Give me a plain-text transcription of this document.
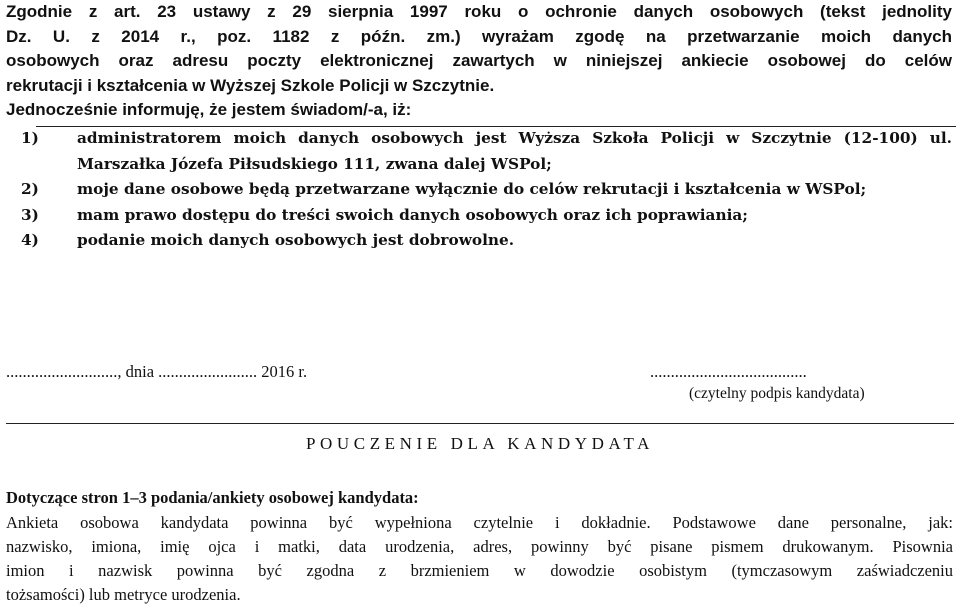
Zgodnie z art. 23 ustawy z 29 sierpnia 1997 roku o ochronie danych osobowych (tekst jednolity

Dz. U. z 2014 r., poz. 1182 z późn. zm.) wyrażam zgodę na przetwarzanie moich danych

osobowych oraz adresu poczty elektronicznej zawartych w niniejszej ankiecie osobowej do celów

rekrutacji i kształcenia w Wyższej Szkole Policji w Szczytnie.

Jednocześnie informuję, że jestem świadom/-a, iż:

1)	administratorem moich danych osobowych jest Wyższa Szkoła Policji w Szczytnie (12-100) ul. Marszałka Józefa Piłsudskiego 111, zwana dalej WSPol;
2)	moje dane osobowe będą przetwarzane wyłącznie do celów rekrutacji i kształcenia w WSPol;
3)	mam prawo dostępu do treści swoich danych osobowych oraz ich poprawiania;
4)	podanie moich danych osobowych jest dobrowolne.
..........................., dnia ........................ 2016 r.	......................................
(czytelny podpis kandydata)
POUCZENIE DLA KANDYDATA
Dotyczące stron 1–3 podania/ankiety osobowej kandydata:
Ankieta osobowa kandydata powinna być wypełniona czytelnie i dokładnie. Podstawowe dane personalne, jak:
nazwisko, imiona, imię ojca i matki, data urodzenia, adres, powinny być pisane pismem drukowanym. Pisownia
imion i nazwisk powinna być zgodna z brzmieniem w dowodzie osobistym (tymczasowym zaświadczeniu
tożsamości) lub metryce urodzenia.
